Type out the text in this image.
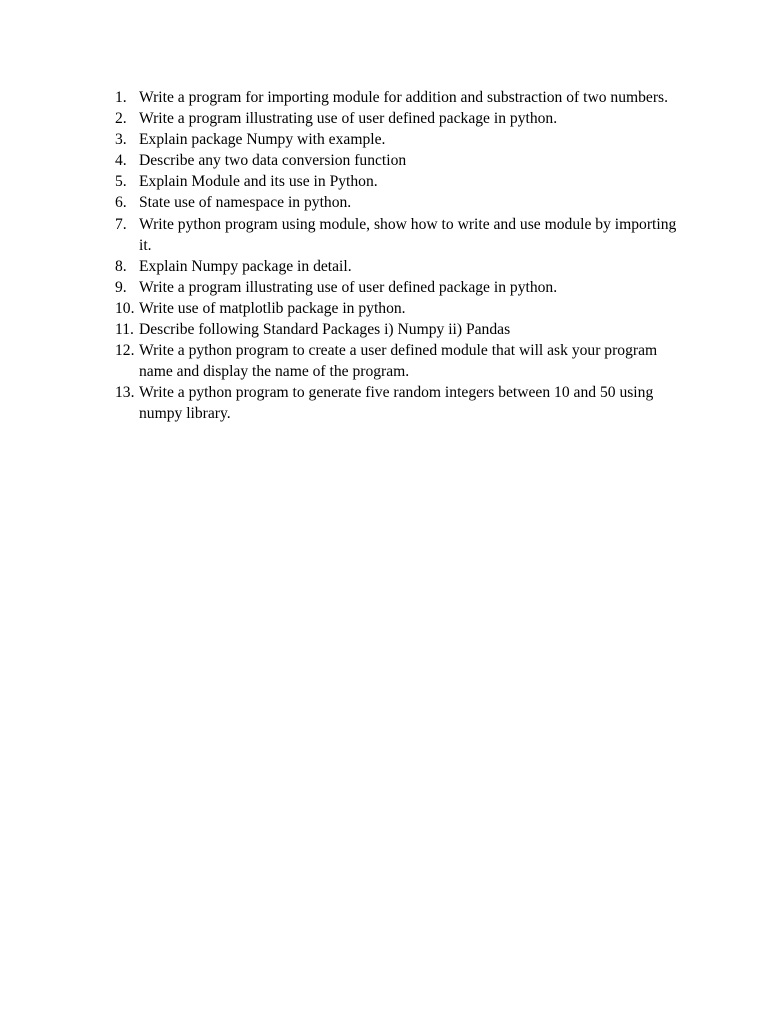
1. Write a program for importing module for addition and substraction of two numbers.
2. Write a program illustrating use of user defined package in python.
3. Explain package Numpy with example.
4. Describe any two data conversion function
5. Explain Module and its use in Python.
6. State use of namespace in python.
7. Write python program using module, show how to write and use module by importing it.
8. Explain Numpy package in detail.
9. Write a program illustrating use of user defined package in python.
10. Write use of matplotlib package in python.
11. Describe following Standard Packages i) Numpy ii) Pandas
12. Write a python program to create a user defined module that will ask your program name and display the name of the program.
13. Write a python program to generate five random integers between 10 and 50 using numpy library.
